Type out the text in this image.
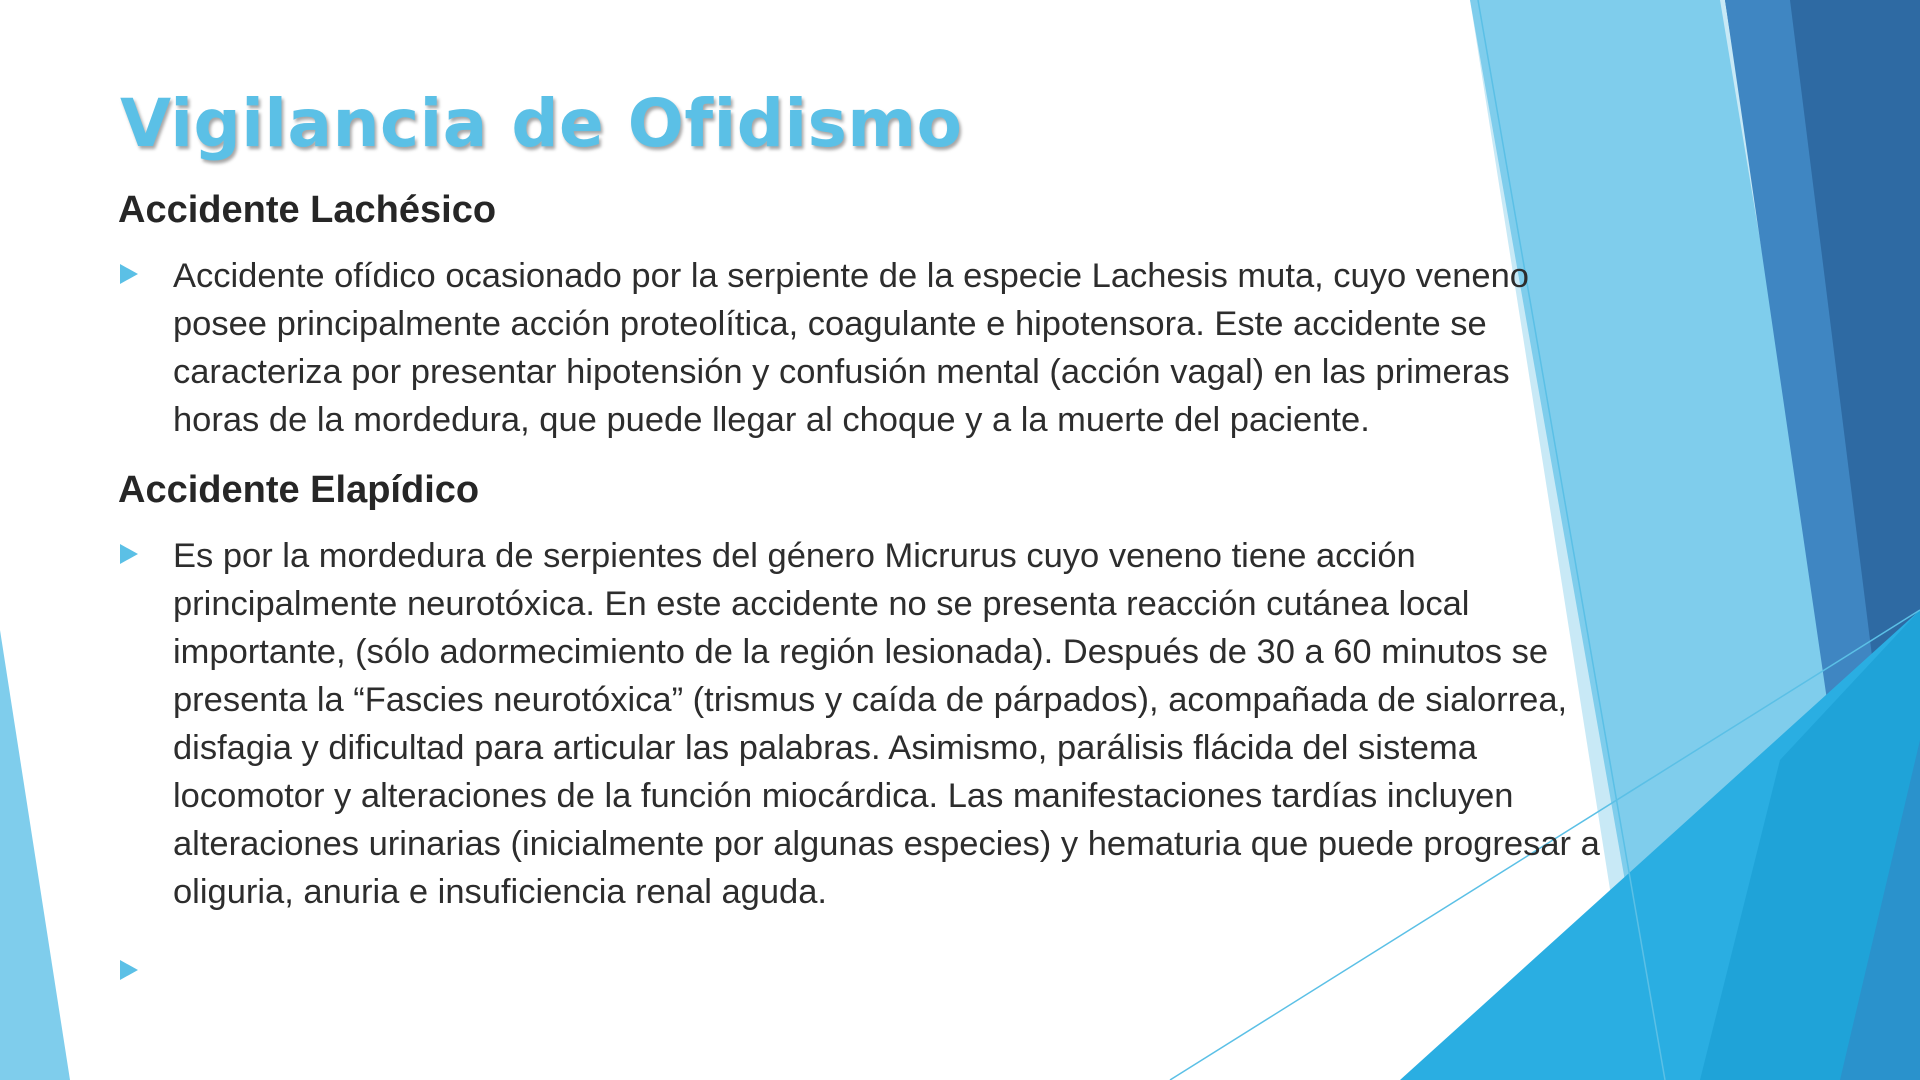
Vigilancia de Ofidismo
Accidente Lachésico

Accidente ofídico ocasionado por la serpiente de la especie Lachesis muta, cuyo veneno posee principalmente acción proteolítica, coagulante e hipotensora. Este accidente se caracteriza por presentar hipotensión y confusión mental (acción vagal) en las primeras horas de la mordedura, que puede llegar al choque y a la muerte del paciente.

Accidente Elapídico

Es por la mordedura de serpientes del género Micrurus cuyo veneno tiene acción principalmente neurotóxica. En este accidente no se presenta reacción cutánea local importante, (sólo adormecimiento de la región lesionada). Después de 30 a 60 minutos se presenta la “Fascies neurotóxica” (trismus y caída de párpados), acompañada de sialorrea, disfagia y dificultad para articular las palabras. Asimismo, parálisis flácida del sistema locomotor y alteraciones de la función miocárdica. Las manifestaciones tardías incluyen alteraciones urinarias (inicialmente por algunas especies) y hematuria que puede progresar a oliguria, anuria e insuficiencia renal aguda.
